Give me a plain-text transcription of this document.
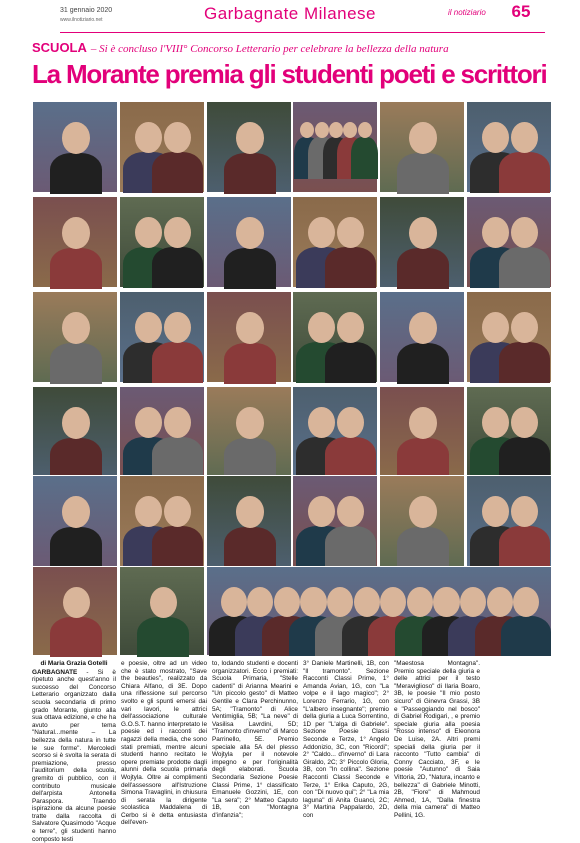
31 gennaio 2020
www.ilnotiziario.net	Garbagnate Milanese	il notiziario	65
SCUOLA – Si è concluso l'VIII° Concorso Letterario per celebrare la bellezza della natura
La Morante premia gli studenti poeti e scrittori
di Maria Grazia Gotelli
GARBAGNATE - Si è ripetuto anche quest'anno il successo del Concorso Letterario organizzato dalla scuola secondaria di primo grado Morante, giunto alla sua ottava edizione, e che ha avuto per tema "Natural...mente – La bellezza della natura in tutte le sue forme". Mercoledì scorso si è svolta la serata di premiazione, presso l'auditorium della scuola, gremito di pubblico, con il contributo musicale dell'arpista Antonella Paraspora. Traendo ispirazione da alcune poesie tratte dalla raccolta di Salvatore Quasimodo "Acque e terre", gli studenti hanno composto testi
e poesie, oltre ad un video che è stato mostrato, "Save the beauties", realizzato da Chiara Alfano, di 3E. Dopo una riflessione sul percorso svolto e gli spunti emersi dai vari lavori, le attrici dell'associazione culturale G.O.S.T. hanno interpretato le poesie ed i racconti dei ragazzi della media, che sono stati premiati, mentre alcuni studenti hanno recitato le opere premiate prodotte dagli alunni della scuola primaria Wojtyla. Oltre ai complimenti dell'assessore all'Istruzione Simona Travaglini, in chiusura di serata la dirigente scolastica Maddalena di Cerbo si è detta entusiasta dell'even-
to, lodando studenti e docenti organizzatori. Ecco i premiati: Scuola Primaria, "Stelle cadenti" di Arianna Mearini e "Un piccolo gesto" di Matteo Gentile e Clara Perchinunno, 5A; "Tramonto" di Alice Ventimiglia, 5B; "La neve" di Vasilisa Lavrdini, 5D; "Tramonto d'inverno" di Marco Parrinello, 5E. Premio speciale alla 5A del plesso Wojtyla per il notevole impegno e per l'originalità degli elaborati. Scuola Secondaria Sezione Poesie Classi Prime, 1° classificato Emanuele Gozzini, 1E, con "La sera"; 2° Matteo Caputo 1B, con "Montagna d'infanzia";
3° Daniele Martinelli, 1B, con "Il tramonto". Sezione Racconti Classi Prime, 1° Amanda Avian, 1G, con "La volpe e il lago magico"; 2° Lorenzo Ferrario, 1G, con "L'albero insegnante"; premio della giuria a Luca Sorrentino, 1D per "L'alga di Gabriele". Sezione Poesie Classi Seconde e Terze, 1° Angelo Addonizio, 3C, con "Ricordi"; 2° "Caldo... d'inverno" di Lara Giraldo, 2C; 3° Piccolo Gloria, 3B, con "In collina". Sezione Racconti Classi Seconde e Terze, 1° Erika Caputo, 2G, con "Di nuovo qui"; 2° "La mia laguna" di Anita Guanci, 2C; 3° Martina Pappalardo, 2D, con
"Maestosa Montagna". Premio speciale della giuria e delle attrici per il testo "Meraviglioso" di Ilaria Boaro, 3B, le poesie "Il mio posto sicuro" di Ginevra Grassi, 3B e "Passeggiando nel bosco" di Gabriel Rodigari, , e premio speciale giuria alla poesia "Rosso intenso" di Eleonora De Luise, 2A. Altri premi speciali della giuria per il racconto "Tutto cambia" di Conny Cacciato, 3F, e le poesie "Autunno" di Saia Vittoria, 2D, "Natura, incanto e bellezza" di Gabriele Minotti, 2B, "Fiore" di Mahmoud Ahmed, 1A, "Dalla finestra della mia camera" di Matteo Pellini, 1G.
